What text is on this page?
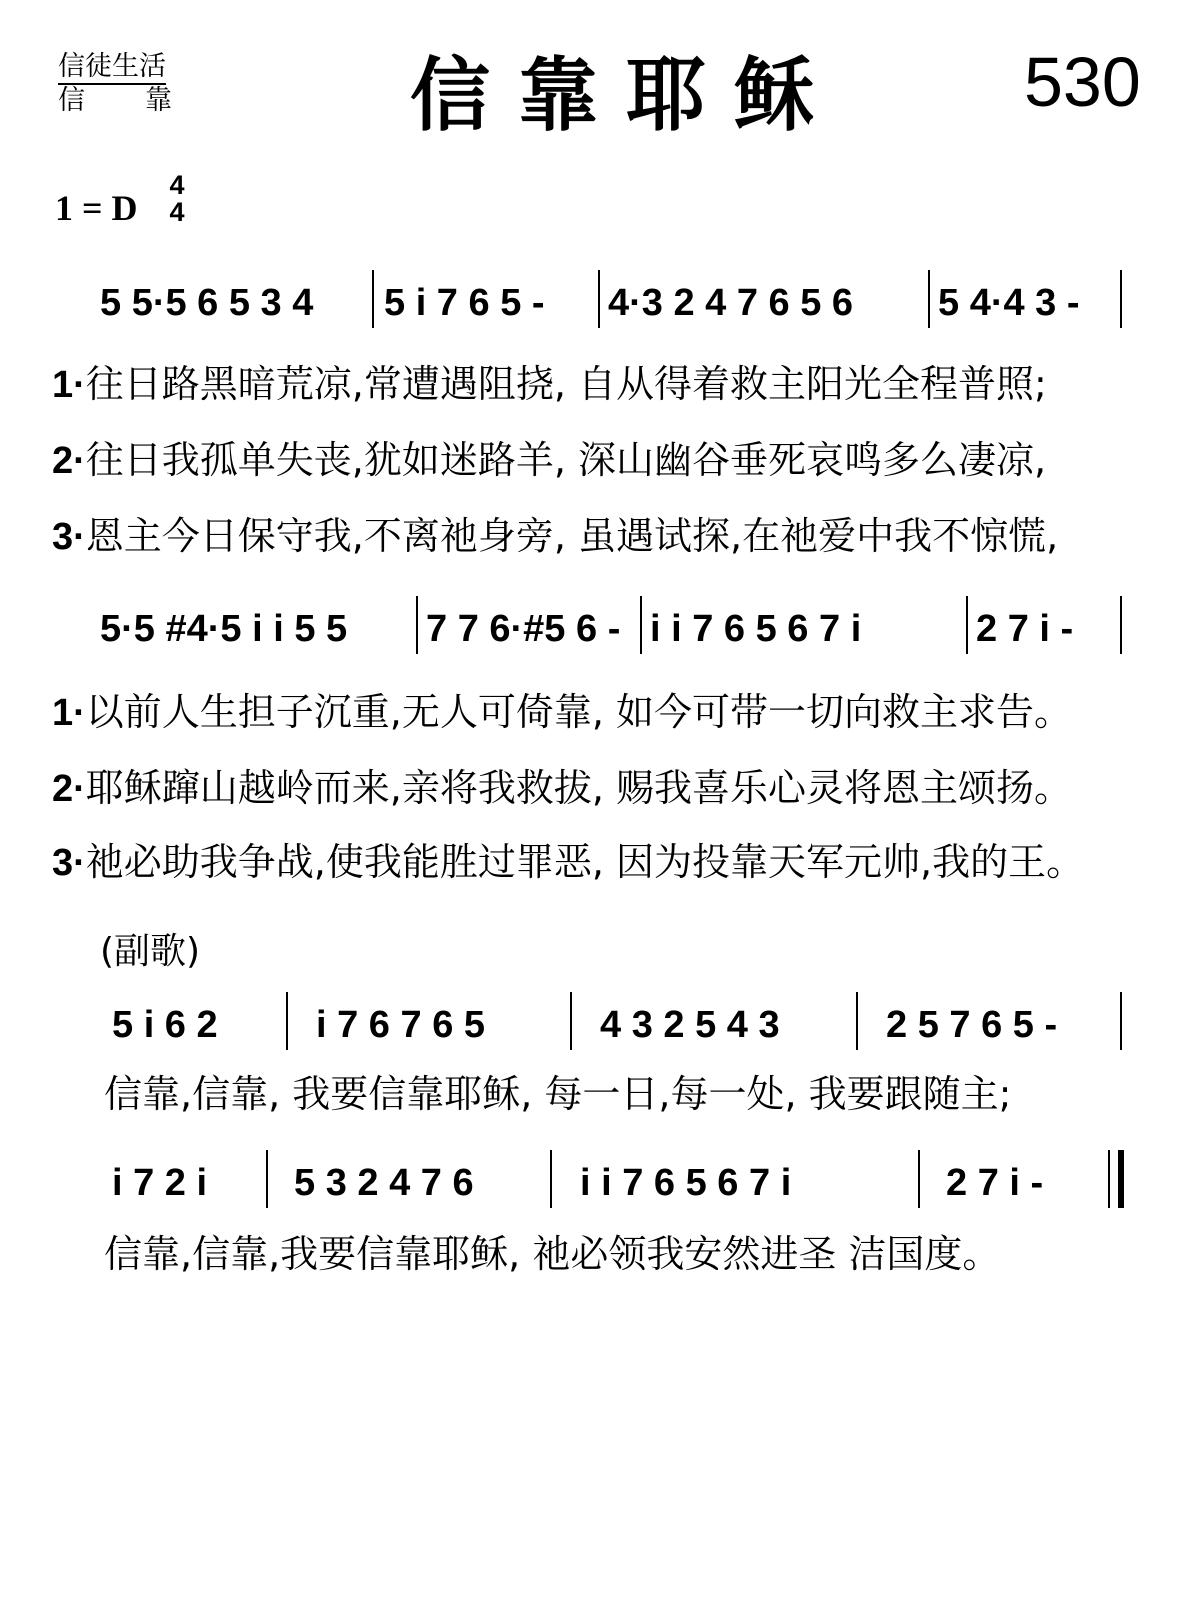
信徒生活
信靠 信靠耶稣	530
1 = D
4
4
5 5·5 6 5 3 4 5 i 7 6 5 - 4·3 2 4 7 6 5 6 5 4·4 3 -
1·往日路黑暗荒凉,常遭遇阻挠, 自从得着救主阳光全程普照;
2·往日我孤单失丧,犹如迷路羊, 深山幽谷垂死哀鸣多么凄凉,
3·恩主今日保守我,不离祂身旁, 虽遇试探,在祂爱中我不惊慌,
5·5 #4·5 i i 5 5 7 7 6·#5 6 - i i 7 6 5 6 7 i	2 7 i -
1·以前人生担子沉重,无人可倚靠, 如今可带一切向救主求告。
2·耶稣蹿山越岭而来,亲将我救拔, 赐我喜乐心灵将恩主颂扬。
3·祂必助我争战,使我能胜过罪恶, 因为投靠天军元帅,我的王。
(副歌)
5 i 6 2	i 7 6 7 6 5	4 3 2 5 4 3	2 5 7 6 5 -
信靠,信靠, 我要信靠耶稣, 每一日,每一处, 我要跟随主;
i 7 2 i 5 3 2 4 7 6	i i 7 6 5 6 7 i	2 7 i -
信靠,信靠,我要信靠耶稣, 祂必领我安然进圣 洁国度。
